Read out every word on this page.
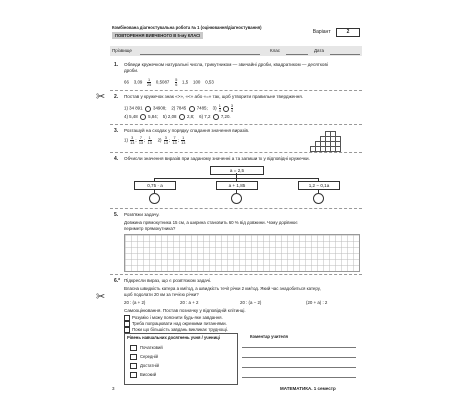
✂
✂
Комбінована діагностувальна робота № 1 (оцінювання/діагностування)
ПОВТОРЕННЯ ВИВЧЕНОГО В 5-му КЛАСІ
Варіант	2
Прізвище	Клас	Дата
1. Обведи кружечком натуральні числа, трикутником — звичайні дроби, квадратиком — десяткові
дроби.
66 $3,09 \frac{1}{25} 0,5087 \frac{5}{6} 1,5$ 100 0,53
2. Постав у кружечок знак «>», «<» або «=» так, щоб утворити правильне твердження.
1) 34 891 34908; 2) 7845 7485; $3) \frac{1}{4}$	$\frac{3}{4}$
4) 5,48 5,84; 5) 2,08 2,8; 6) 7,2 7,20.
3. Розташуй на сходах у порядку спадання значення виразів.
$1) \frac{3}{13}$; $\frac{7}{13}$; $\frac{1}{13}$    $2) \frac{3}{13}$; $\frac{7}{13}$; $\frac{1}{13}$
4. Обчисли значення виразів при заданому значенні a та запиши їх у відповідні кружечки.
a = 2,5
0,75 · a	a + 1,85	1,2 − 0,1a
5. Розв'яжи задачу.
Довжина прямокутника 15 см, а ширина становить 60 % від довжини. Чому дорівнює
периметр прямокутника?
6.* Підкресли вираз, що є розв'язком задачі.
Власна швидкість катера a км/год, а швидкість течії річки 2 км/год. Який час знадобиться катеру,
щоб подолати 20 км за течією річки?
20 : (a + 2)	20 : a + 2	20 : (a − 2)	(20 + a) : 2
Самооцінювання. Постав позначку у відповідній клітинці.
Розумію і можу пояснити будь-яке завдання.
Треба попрацювати над окремими питаннями.
Поки що більшість завдань викликає труднощі.
Рівень навчальних досягнень учня / учениці
Початковий
Середній
Достатній
Високий
Коментар учителя
3	МАТЕМАТИКА. 1 семестр
